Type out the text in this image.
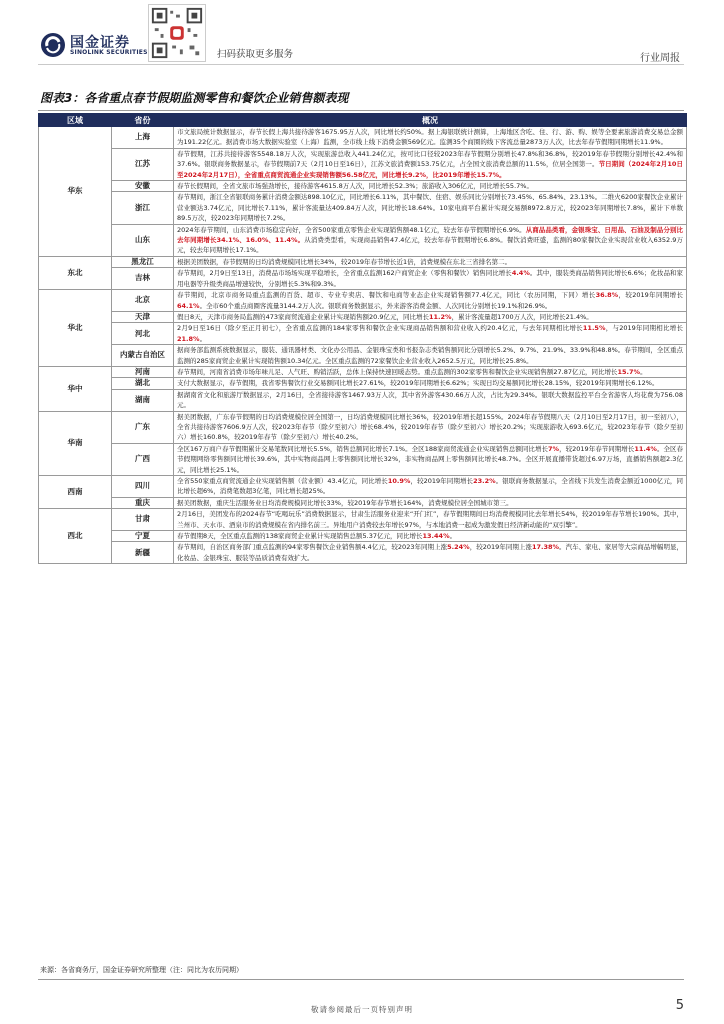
国金证券
SINOLINK SECURITIES	扫码获取更多服务	行业周报
图表3：各省重点春节假期监测零售和餐饮企业销售额表现
区域	省份	概况
华东	上海	市文旅局统计数据显示，春节长假上海共接待游客1675.95万人次，同比增长约50%。据上海银联统计测算，上海地区含吃、住、行、游、购、娱等全要素旅游消费交易总金额为191.22亿元。据消费市场大数据实验室（上海）监测，全市线上线下消费金额569亿元。监测35个商圈的线下客流总量2873万人次，比去年春节假期同期增长11.9%。
	江苏	春节假期，江苏共接待游客5548.18万人次，实现旅游总收入441.24亿元，按可比口径较2023年春节假期分别增长47.8%和36.8%，较2019年春节假期分别增长42.4%和37.6%。银联商务数据显示，春节假期前7天（2月10日至16日），江苏文旅消费额153.75亿元，占全国文旅消费总额的11.5%，位居全国第一。节日期间（2024年2月10日至2024年2月17日），全省重点商贸流通企业实现销售额56.58亿元，同比增长9.2%，比2019年增长15.7%。
	安徽	春节长假期间，全省文旅市场强劲增长，接待游客4615.8万人次，同比增长52.3%；旅游收入306亿元，同比增长55.7%。
	浙江	春节期间，浙江全省银联商务累计消费金额达898.10亿元，同比增长6.11%，其中餐饮、住宿、娱乐同比分别增长73.45%、65.84%、23.13%。二维火6200家餐饮企业累计营业额达3.74亿元，同比增长7.11%，累计客流量达409.84万人次，同比增长18.64%。10家电商平台累计实现交易额8972.8万元，较2023年同期增长7.8%，累计下单数89.5万次，较2023年同期增长7.2%。
	山东	2024年春节期间，山东消费市场稳定向好，全省500家重点零售企业实现销售额48.1亿元，较去年春节假期增长6.9%。从商品品类看，金银珠宝、日用品、石油及制品分别比去年同期增长34.1%、16.0%、11.4%。从消费类型看，实现商品销售47.4亿元，较去年春节假期增长6.8%。餐饮消费旺盛，监测的80家餐饮企业实现营业收入6352.9万元，较去年同期增长17.1%。
东北	黑龙江	根据美团数据，春节假期的日均消费规模同比增长34%，较2019年春节增长近1倍，消费规模在东北三省排名第二。
	吉林	春节期间，2月9日至13日，消费品市场场实现平稳增长，全省重点监测162户商贸企业（零售和餐饮）销售同比增长4.4%。其中，服装类商品销售同比增长6.6%；化妆品和家用电器等升级类商品增速较快，分别增长5.3%和9.3%。
华北	北京	春节期间，北京市商务局重点监测的百货、超市、专业专卖店、餐饮和电商等业态企业实现销售额77.4亿元，同比（农历同期，下同）增长36.8%，较2019年同期增长64.1%。全市60个重点商圈客流量3144.2万人次。银联商务数据显示，外来游客消费金额、人次同比分别增长19.1%和26.9%。
	天津	假日8天，天津市商务局监测的473家商贸流通企业累计实现销售额20.9亿元，同比增长11.2%，累计客流量超1700万人次，同比增长21.4%。
	河北	2月9日至16日（除夕至正月初七），全省重点监测的184家零售和餐饮企业实现商品销售额和营业收入约20.4亿元，与去年同期相比增长11.5%，与2019年同期相比增长21.8%。
	内蒙古自治区	据商务部监测系统数据显示，服装、通讯器材类、文化办公用品、金银珠宝类和书报杂志类销售额同比分别增长5.2%、9.7%、21.9%、33.9%和48.8%。春节期间，全区重点监测的285家商贸企业累计实现销售额10.34亿元。全区重点监测的72家餐饮企业营业收入2652.5万元，同比增长25.8%。
华中	河南	春节期间，河南省消费市场年味儿足、人气旺、购销活跃，总体上保持快速回暖态势。重点监测的302家零售和餐饮企业实现销售额27.87亿元，同比增长15.7%。
	湖北	支付大数据显示，春节假期，我省零售餐饮行业交易额同比增长27.61%，较2019年同期增长6.62%；实现日均交易额同比增长28.15%，较2019年同期增长6.12%。
	湖南	据湖南省文化和旅游厅数据显示，2月16日，全省接待游客1467.93万人次，其中省外游客430.66万人次，占比为29.34%。银联大数据监控平台全省游客人均花费为756.08元。
华南	广东	据美团数据，广东春节假期的日均消费规模位居全国第一，日均消费规模同比增长36%，较2019年增长超155%。2024年春节假期八天（2月10日至2月17日，初一至初八），全省共接待游客7606.9万人次，较2023年春节（除夕至初六）增长68.4%，较2019年春节（除夕至初六）增长20.2%；实现旅游收入693.6亿元，较2023年春节（除夕至初六）增长160.8%，较2019年春节（除夕至初六）增长40.2%。
	广西	全区167万商户春节假期累计交易笔数同比增长5.5%，销售总额同比增长7.1%。全区188家商贸流通企业实现销售总额同比增长7%，较2019年春节同期增长11.4%。全区春节假期网络零售额同比增长39.6%，其中实物商品网上零售额同比增长32%，非实物商品网上零售额同比增长48.7%。全区开展直播带货超过6.97万场，直播销售额超2.3亿元，同比增长25.1%。
西南	四川	全省550家重点商贸流通企业实现销售额（营业额）43.4亿元，同比增长10.9%，较2019年同期增长23.2%。银联商务数据显示，全省线下共发生消费金额近1000亿元，同比增长超6%，消费笔数超3亿笔，同比增长超25%。
	重庆	据美团数据，重庆生活服务业日均消费规模同比增长33%，较2019年春节增长164%，消费规模位居全国城市第三。
西北	甘肃	2月16日，美团发布的2024春节“吃喝玩乐”消费数据显示，甘肃生活服务业迎来“开门红”，春节假期期间日均消费规模同比去年增长54%，较2019年春节增长190%。其中，兰州市、天水市、酒泉市的消费规模在省内排名前三。异地用户消费较去年增长97%，与本地消费一起成为激发假日经济新动能的“双引擎”。
	宁夏	春节假期8天，全区重点监测的138家商贸企业累计实现销售总额5.37亿元，同比增长13.44%。
	新疆	春节期间，自治区商务部门重点监测的94家零售餐饮企业销售额4.4亿元，较2023年同期上涨5.24%，较2019年同期上涨17.38%。汽车、家电、家居等大宗商品增幅明显，化妆品、金银珠宝、服装等品质消费有效扩大。
来源：各省商务厅，国金证券研究所整理（注：同比为农历同期）
敬请参阅最后一页特别声明	5
